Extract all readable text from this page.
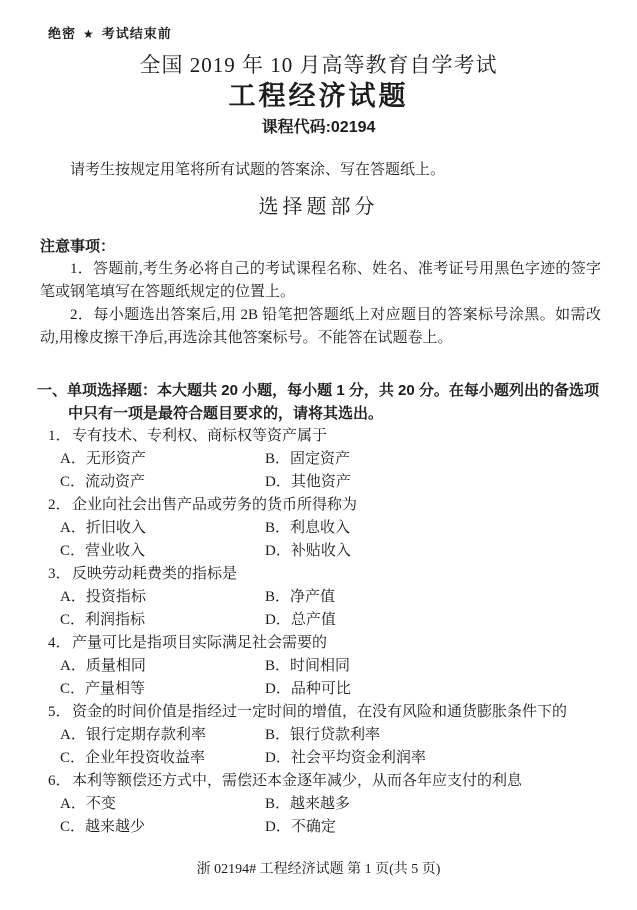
绝密 ★ 考试结束前
全国 2019 年 10 月高等教育自学考试
工程经济试题
课程代码:02194
请考生按规定用笔将所有试题的答案涂、写在答题纸上。
选择题部分
注意事项：
1．答题前,考生务必将自己的考试课程名称、姓名、准考证号用黑色字迹的签字笔或钢笔填写在答题纸规定的位置上。
2．每小题选出答案后,用 2B 铅笔把答题纸上对应题目的答案标号涂黑。如需改动,用橡皮擦干净后,再选涂其他答案标号。不能答在试题卷上。
一、单项选择题：本大题共 20 小题，每小题 1 分，共 20 分。在每小题列出的备选项中只有一项是最符合题目要求的，请将其选出。
1． 专有技术、专利权、商标权等资产属于
A．无形资产	B．固定资产
C．流动资产	D．其他资产
2． 企业向社会出售产品或劳务的货币所得称为
A．折旧收入	B．利息收入
C．营业收入	D．补贴收入
3． 反映劳动耗费类的指标是
A．投资指标	B．净产值
C．利润指标	D．总产值
4． 产量可比是指项目实际满足社会需要的
A．质量相同	B．时间相同
C．产量相等	D．品种可比
5． 资金的时间价值是指经过一定时间的增值，在没有风险和通货膨胀条件下的
A．银行定期存款利率	B．银行贷款利率
C．企业年投资收益率	D．社会平均资金利润率
6． 本利等额偿还方式中，需偿还本金逐年减少，从而各年应支付的利息
A．不变	B．越来越多
C．越来越少	D．不确定
浙 02194# 工程经济试题 第 1 页(共 5 页)
